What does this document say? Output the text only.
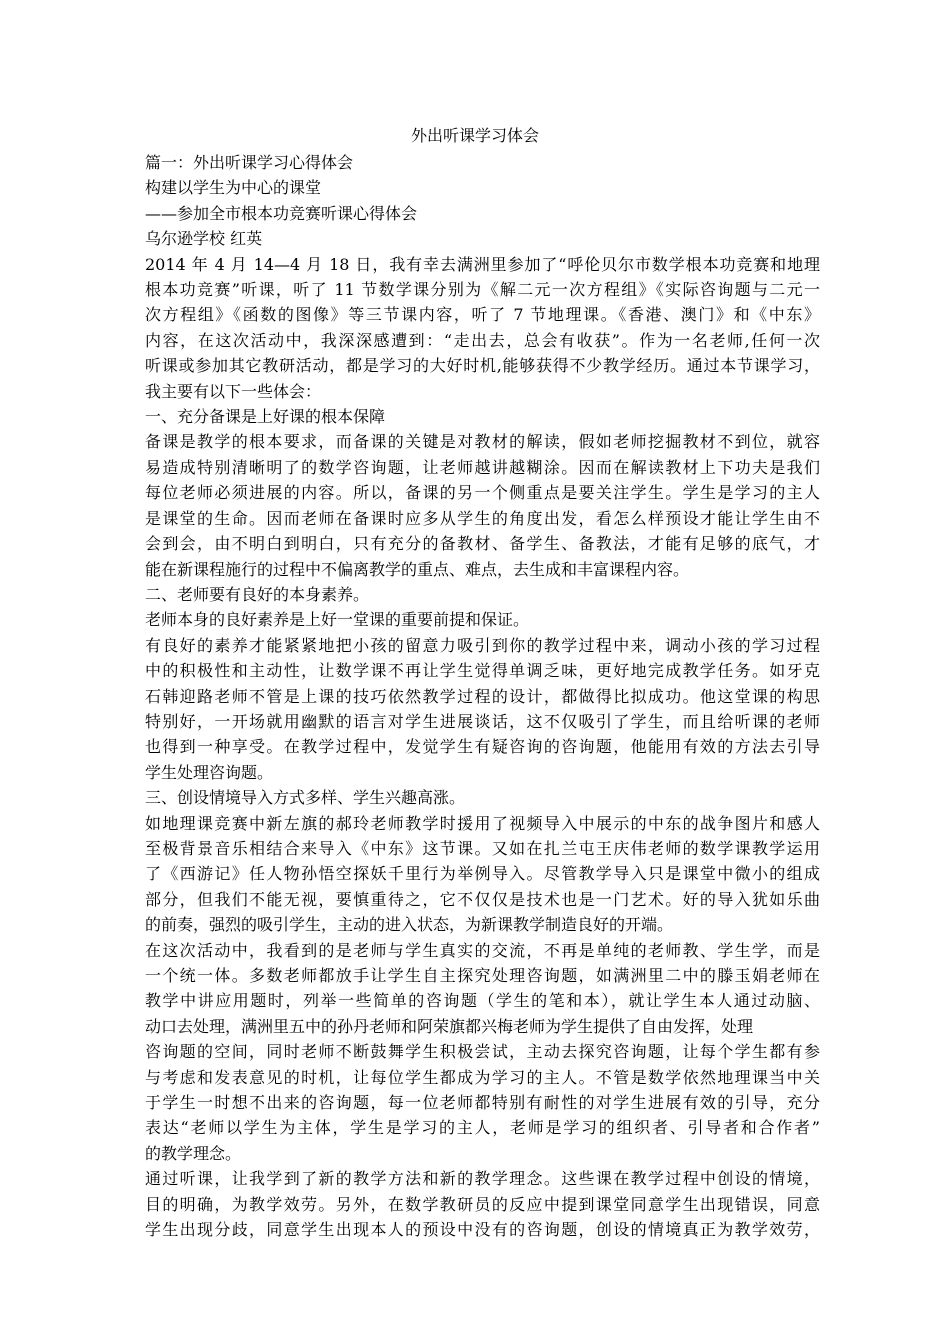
外出听课学习体会
篇一：外出听课学习心得体会
构建以学生为中心的课堂
——参加全市根本功竞赛听课心得体会
乌尔逊学校 红英
2014 年 4 月 14—4 月 18 日，我有幸去满洲里参加了“呼伦贝尔市数学根本功竞赛和地理
根本功竞赛”听课，听了 11 节数学课分别为《解二元一次方程组》《实际咨询题与二元一
次方程组》《函数的图像》等三节课内容，听了 7 节地理课。《香港、澳门》和《中东》
内容，在这次活动中，我深深感遭到：“走出去，总会有收获”。作为一名老师,任何一次
听课或参加其它教研活动，都是学习的大好时机,能够获得不少教学经历。通过本节课学习，
我主要有以下一些体会：
一、充分备课是上好课的根本保障
备课是教学的根本要求，而备课的关键是对教材的解读，假如老师挖掘教材不到位，就容
易造成特别清晰明了的数学咨询题，让老师越讲越糊涂。因而在解读教材上下功夫是我们
每位老师必须进展的内容。所以，备课的另一个侧重点是要关注学生。学生是学习的主人
是课堂的生命。因而老师在备课时应多从学生的角度出发，看怎么样预设才能让学生由不
会到会，由不明白到明白，只有充分的备教材、备学生、备教法，才能有足够的底气，才
能在新课程施行的过程中不偏离教学的重点、难点，去生成和丰富课程内容。
二、老师要有良好的本身素养。
老师本身的良好素养是上好一堂课的重要前提和保证。
有良好的素养才能紧紧地把小孩的留意力吸引到你的教学过程中来，调动小孩的学习过程
中的积极性和主动性，让数学课不再让学生觉得单调乏味，更好地完成教学任务。如牙克
石韩迎路老师不管是上课的技巧依然教学过程的设计，都做得比拟成功。他这堂课的构思
特别好，一开场就用幽默的语言对学生进展谈话，这不仅吸引了学生，而且给听课的老师
也得到一种享受。在教学过程中，发觉学生有疑咨询的咨询题，他能用有效的方法去引导
学生处理咨询题。
三、创设情境导入方式多样、学生兴趣高涨。
如地理课竞赛中新左旗的郝玲老师教学时援用了视频导入中展示的中东的战争图片和感人
至极背景音乐相结合来导入《中东》这节课。又如在扎兰屯王庆伟老师的数学课教学运用
了《西游记》任人物孙悟空探妖千里行为举例导入。尽管教学导入只是课堂中微小的组成
部分，但我们不能无视，要慎重待之，它不仅仅是技术也是一门艺术。好的导入犹如乐曲
的前奏，强烈的吸引学生，主动的进入状态，为新课教学制造良好的开端。
在这次活动中，我看到的是老师与学生真实的交流，不再是单纯的老师教、学生学，而是
一个统一体。多数老师都放手让学生自主探究处理咨询题，如满洲里二中的滕玉娟老师在
教学中讲应用题时，列举一些简单的咨询题（学生的笔和本），就让学生本人通过动脑、
动口去处理，满洲里五中的孙丹老师和阿荣旗都兴梅老师为学生提供了自由发挥，处理
咨询题的空间，同时老师不断鼓舞学生积极尝试，主动去探究咨询题，让每个学生都有参
与考虑和发表意见的时机，让每位学生都成为学习的主人。不管是数学依然地理课当中关
于学生一时想不出来的咨询题，每一位老师都特别有耐性的对学生进展有效的引导，充分
表达“老师以学生为主体，学生是学习的主人，老师是学习的组织者、引导者和合作者”
的教学理念。
通过听课，让我学到了新的教学方法和新的教学理念。这些课在教学过程中创设的情境，
目的明确，为教学效劳。另外，在数学教研员的反应中提到课堂同意学生出现错误，同意
学生出现分歧，同意学生出现本人的预设中没有的咨询题，创设的情境真正为教学效劳，
